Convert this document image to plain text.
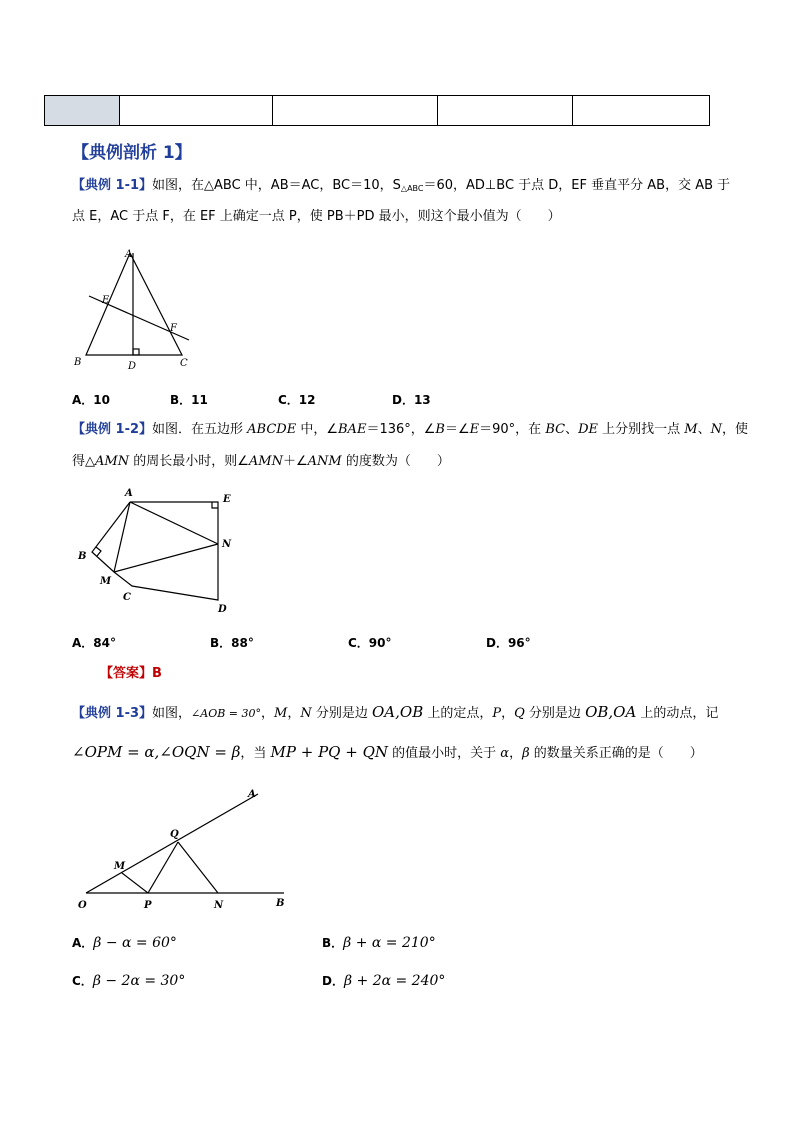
【典例剖析 1】
【典例 1-1】如图，在△ABC 中，AB＝AC，BC＝10，$S_{\triangle ABC}=60$，AD⊥BC 于点 D，EF 垂直平分 AB，交 AB 于
点 E，AC 于点 F，在 EF 上确定一点 P，使 PB＋PD 最小，则这个最小值为（　　）
A
B	C
D
E
F
A．10	B．11	C．12	D．13
【典例 1-2】如图．在五边形 ABCDE 中，∠BAE＝136°，∠B＝∠E＝90°，在 BC、DE 上分别找一点 M、N，使
得△AMN 的周长最小时，则∠AMN＋∠ANM 的度数为（　　）
A
E
B
N
M
C
D
A．84°	B．88°	C．90°	D．96°
【答案】B
【典例 1-3】如图，∠AOB = 30°，M，N 分别是边 OA,OB 上的定点，P，Q 分别是边 OB,OA 上的动点，记
∠OPM = α,∠OQN = β，当 MP + PQ + QN 的值最小时，关于 α，β 的数量关系正确的是（　　）
A
Q
M
O	P	N	B
A．β − α = 60°	B．β + α = 210°
C．β − 2α = 30°	D．β + 2α = 240°
